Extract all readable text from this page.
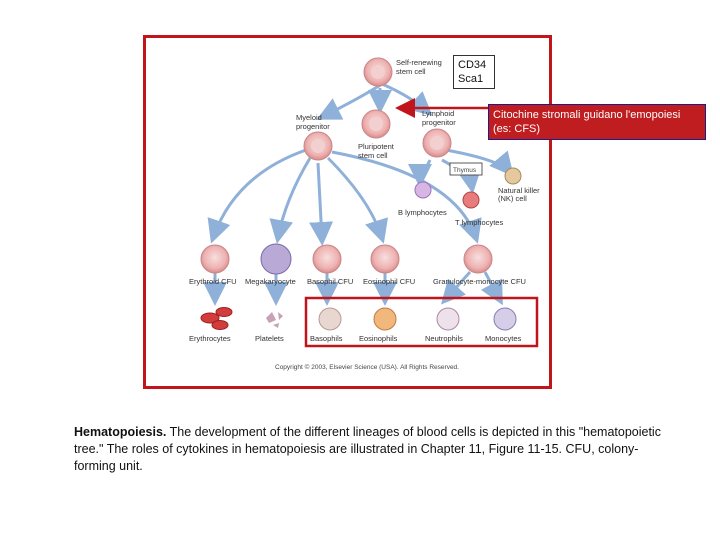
Self-renewing
stem cell
Myeloid
progenitor
Lymphoid
progenitor
Pluripotent
stem cell
Thymus
Natural killer
(NK) cell
B lymphocytes
T lymphocytes
Erythroid CFU Megakaryocyte Basophil CFU Eosinophil CFU Granulocyte-monocyte CFU
Erythrocytes	Platelets	Basophils Eosinophils	Neutrophils	Monocytes
Copyright © 2003, Elsevier Science (USA). All Rights Reserved.
CD34
Sca1
Citochine stromali guidano l'emopoiesi
(es: CFS)
Hematopoiesis. The development of the different lineages of blood cells is depicted in this "hematopoietic tree." The roles of cytokines in hematopoiesis are illustrated in Chapter 11, Figure 11-15. CFU, colony-forming unit.
